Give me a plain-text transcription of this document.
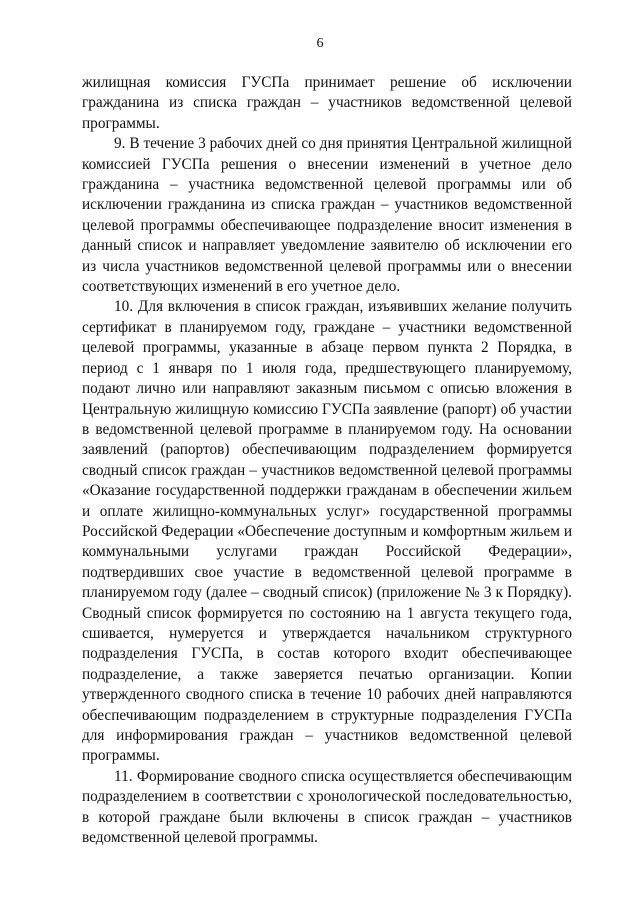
6

жилищная комиссия ГУСПа принимает решение об исключении гражданина из списка граждан – участников ведомственной целевой программы.

9. В течение 3 рабочих дней со дня принятия Центральной жилищной комиссией ГУСПа решения о внесении изменений в учетное дело гражданина – участника ведомственной целевой программы или об исключении гражданина из списка граждан – участников ведомственной целевой программы обеспечивающее подразделение вносит изменения в данный список и направляет уведомление заявителю об исключении его из числа участников ведомственной целевой программы или о внесении соответствующих изменений в его учетное дело.

10. Для включения в список граждан, изъявивших желание получить сертификат в планируемом году, граждане – участники ведомственной целевой программы, указанные в абзаце первом пункта 2 Порядка, в период с 1 января по 1 июля года, предшествующего планируемому, подают лично или направляют заказным письмом с описью вложения в Центральную жилищную комиссию ГУСПа заявление (рапорт) об участии в ведомственной целевой программе в планируемом году. На основании заявлений (рапортов) обеспечивающим подразделением формируется сводный список граждан – участников ведомственной целевой программы «Оказание государственной поддержки гражданам в обеспечении жильем и оплате жилищно-коммунальных услуг» государственной программы Российской Федерации «Обеспечение доступным и комфортным жильем и коммунальными услугами граждан Российской Федерации», подтвердивших свое участие в ведомственной целевой программе в планируемом году (далее – сводный список) (приложение № 3 к Порядку). Сводный список формируется по состоянию на 1 августа текущего года, сшивается, нумеруется и утверждается начальником структурного подразделения ГУСПа, в состав которого входит обеспечивающее подразделение, а также заверяется печатью организации. Копии утвержденного сводного списка в течение 10 рабочих дней направляются обеспечивающим подразделением в структурные подразделения ГУСПа для информирования граждан – участников ведомственной целевой программы.

11. Формирование сводного списка осуществляется обеспечивающим подразделением в соответствии с хронологической последовательностью, в которой граждане были включены в список граждан – участников ведомственной целевой программы.
